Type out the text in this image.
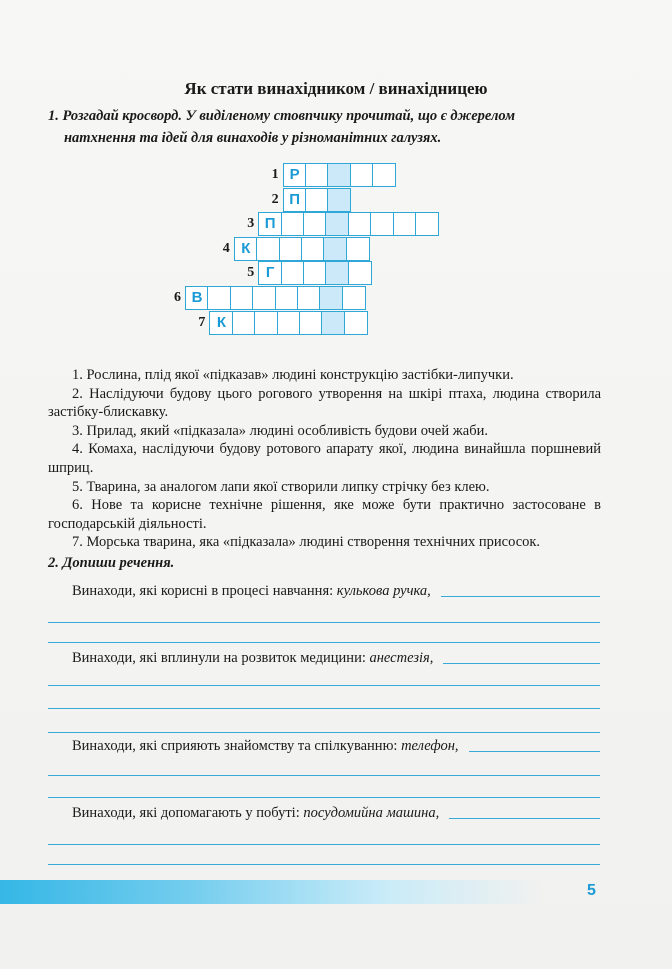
Як стати винахідником / винахідницею
1. Розгадай кросворд. У виділеному стовпчику прочитай, що є джерелом
натхнення та ідей для винаходів у різноманітних галузях.
1 Р
2 П
3 П
4 К
5 Г
6 В
7 К

1. Рослина, плід якої «підказав» людині конструкцію застібки-липучки.

2. Наслідуючи будову цього рогового утворення на шкірі птаха, людина створила застібку-блискавку.

3. Прилад, який «підказала» людині особливість будови очей жаби.

4. Комаха, наслідуючи будову ротового апарату якої, людина винайшла поршневий шприц.

5. Тварина, за аналогом лапи якої створили липку стрічку без клею.

6. Нове та корисне технічне рішення, яке може бути практично застосоване в господарській діяльності.

7. Морська тварина, яка «підказала» людині створення технічних присосок.

2. Допиши речення.
Винаходи, які корисні в процесі навчання: кулькова ручка,
Винаходи, які вплинули на розвиток медицини: анестезія,
Винаходи, які сприяють знайомству та спілкуванню: телефон,
Винаходи, які допомагають у побуті: посудомийна машина,
5
